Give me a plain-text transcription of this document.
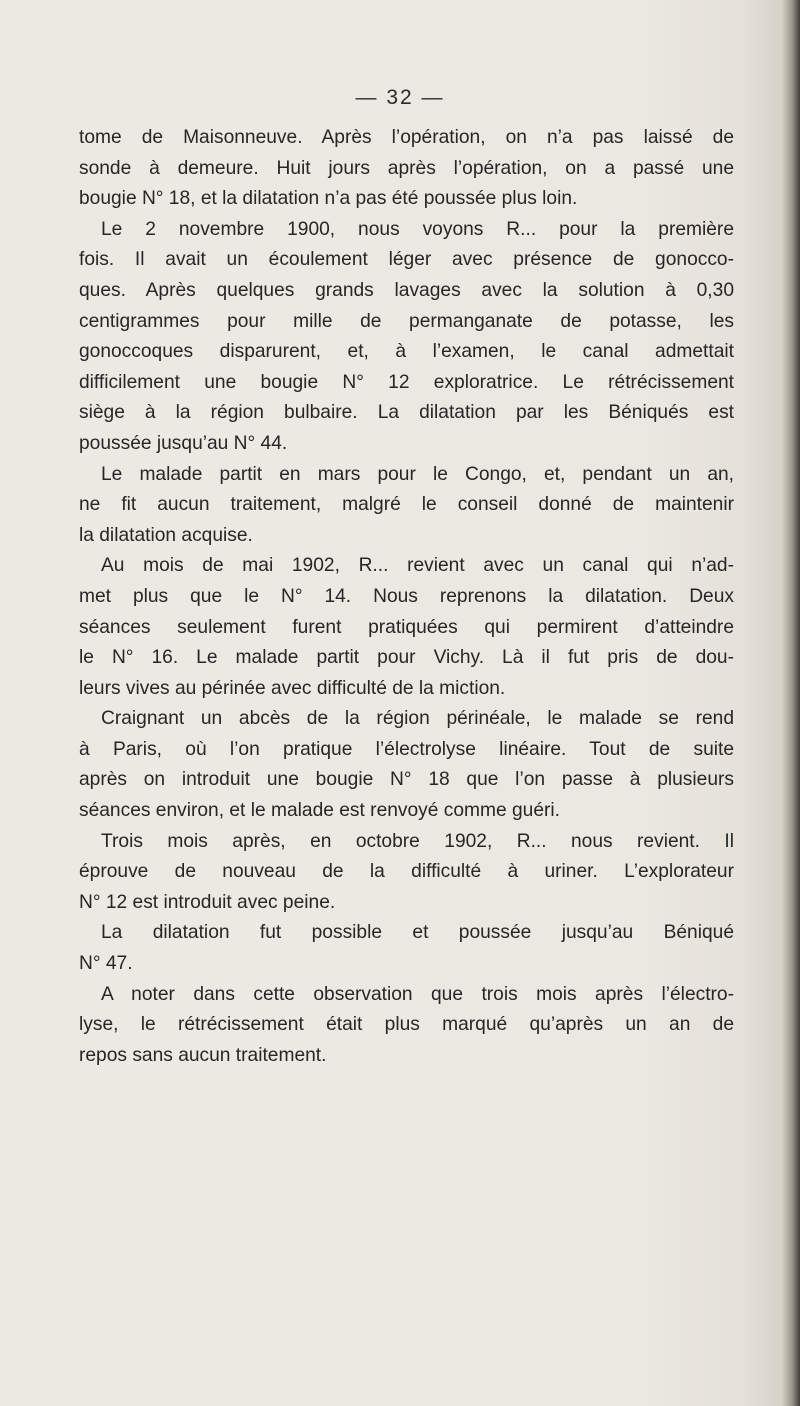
— 32 —
tome de Maisonneuve. Après l’opération, on n’a pas laissé de
sonde à demeure. Huit jours après l’opération, on a passé une
bougie N° 18, et la dilatation n’a pas été poussée plus loin.
Le 2 novembre 1900, nous voyons R... pour la première
fois. Il avait un écoulement léger avec présence de gonocco-
ques. Après quelques grands lavages avec la solution à 0,30
centigrammes pour mille de permanganate de potasse, les
gonoccoques disparurent, et, à l’examen, le canal admettait
difficilement une bougie N° 12 exploratrice. Le rétrécissement
siège à la région bulbaire. La dilatation par les Béniqués est
poussée jusqu’au N° 44.
Le malade partit en mars pour le Congo, et, pendant un an,
ne fit aucun traitement, malgré le conseil donné de maintenir
la dilatation acquise.
Au mois de mai 1902, R... revient avec un canal qui n’ad-
met plus que le N° 14. Nous reprenons la dilatation. Deux
séances seulement furent pratiquées qui permirent d’atteindre
le N° 16. Le malade partit pour Vichy. Là il fut pris de dou-
leurs vives au périnée avec difficulté de la miction.
Craignant un abcès de la région périnéale, le malade se rend
à Paris, où l’on pratique l’électrolyse linéaire. Tout de suite
après on introduit une bougie N° 18 que l’on passe à plusieurs
séances environ, et le malade est renvoyé comme guéri.
Trois mois après, en octobre 1902, R... nous revient. Il
éprouve de nouveau de la difficulté à uriner. L’explorateur
N° 12 est introduit avec peine.
La dilatation fut possible et poussée jusqu’au Béniqué
N° 47.
A noter dans cette observation que trois mois après l’électro-
lyse, le rétrécissement était plus marqué qu’après un an de
repos sans aucun traitement.
